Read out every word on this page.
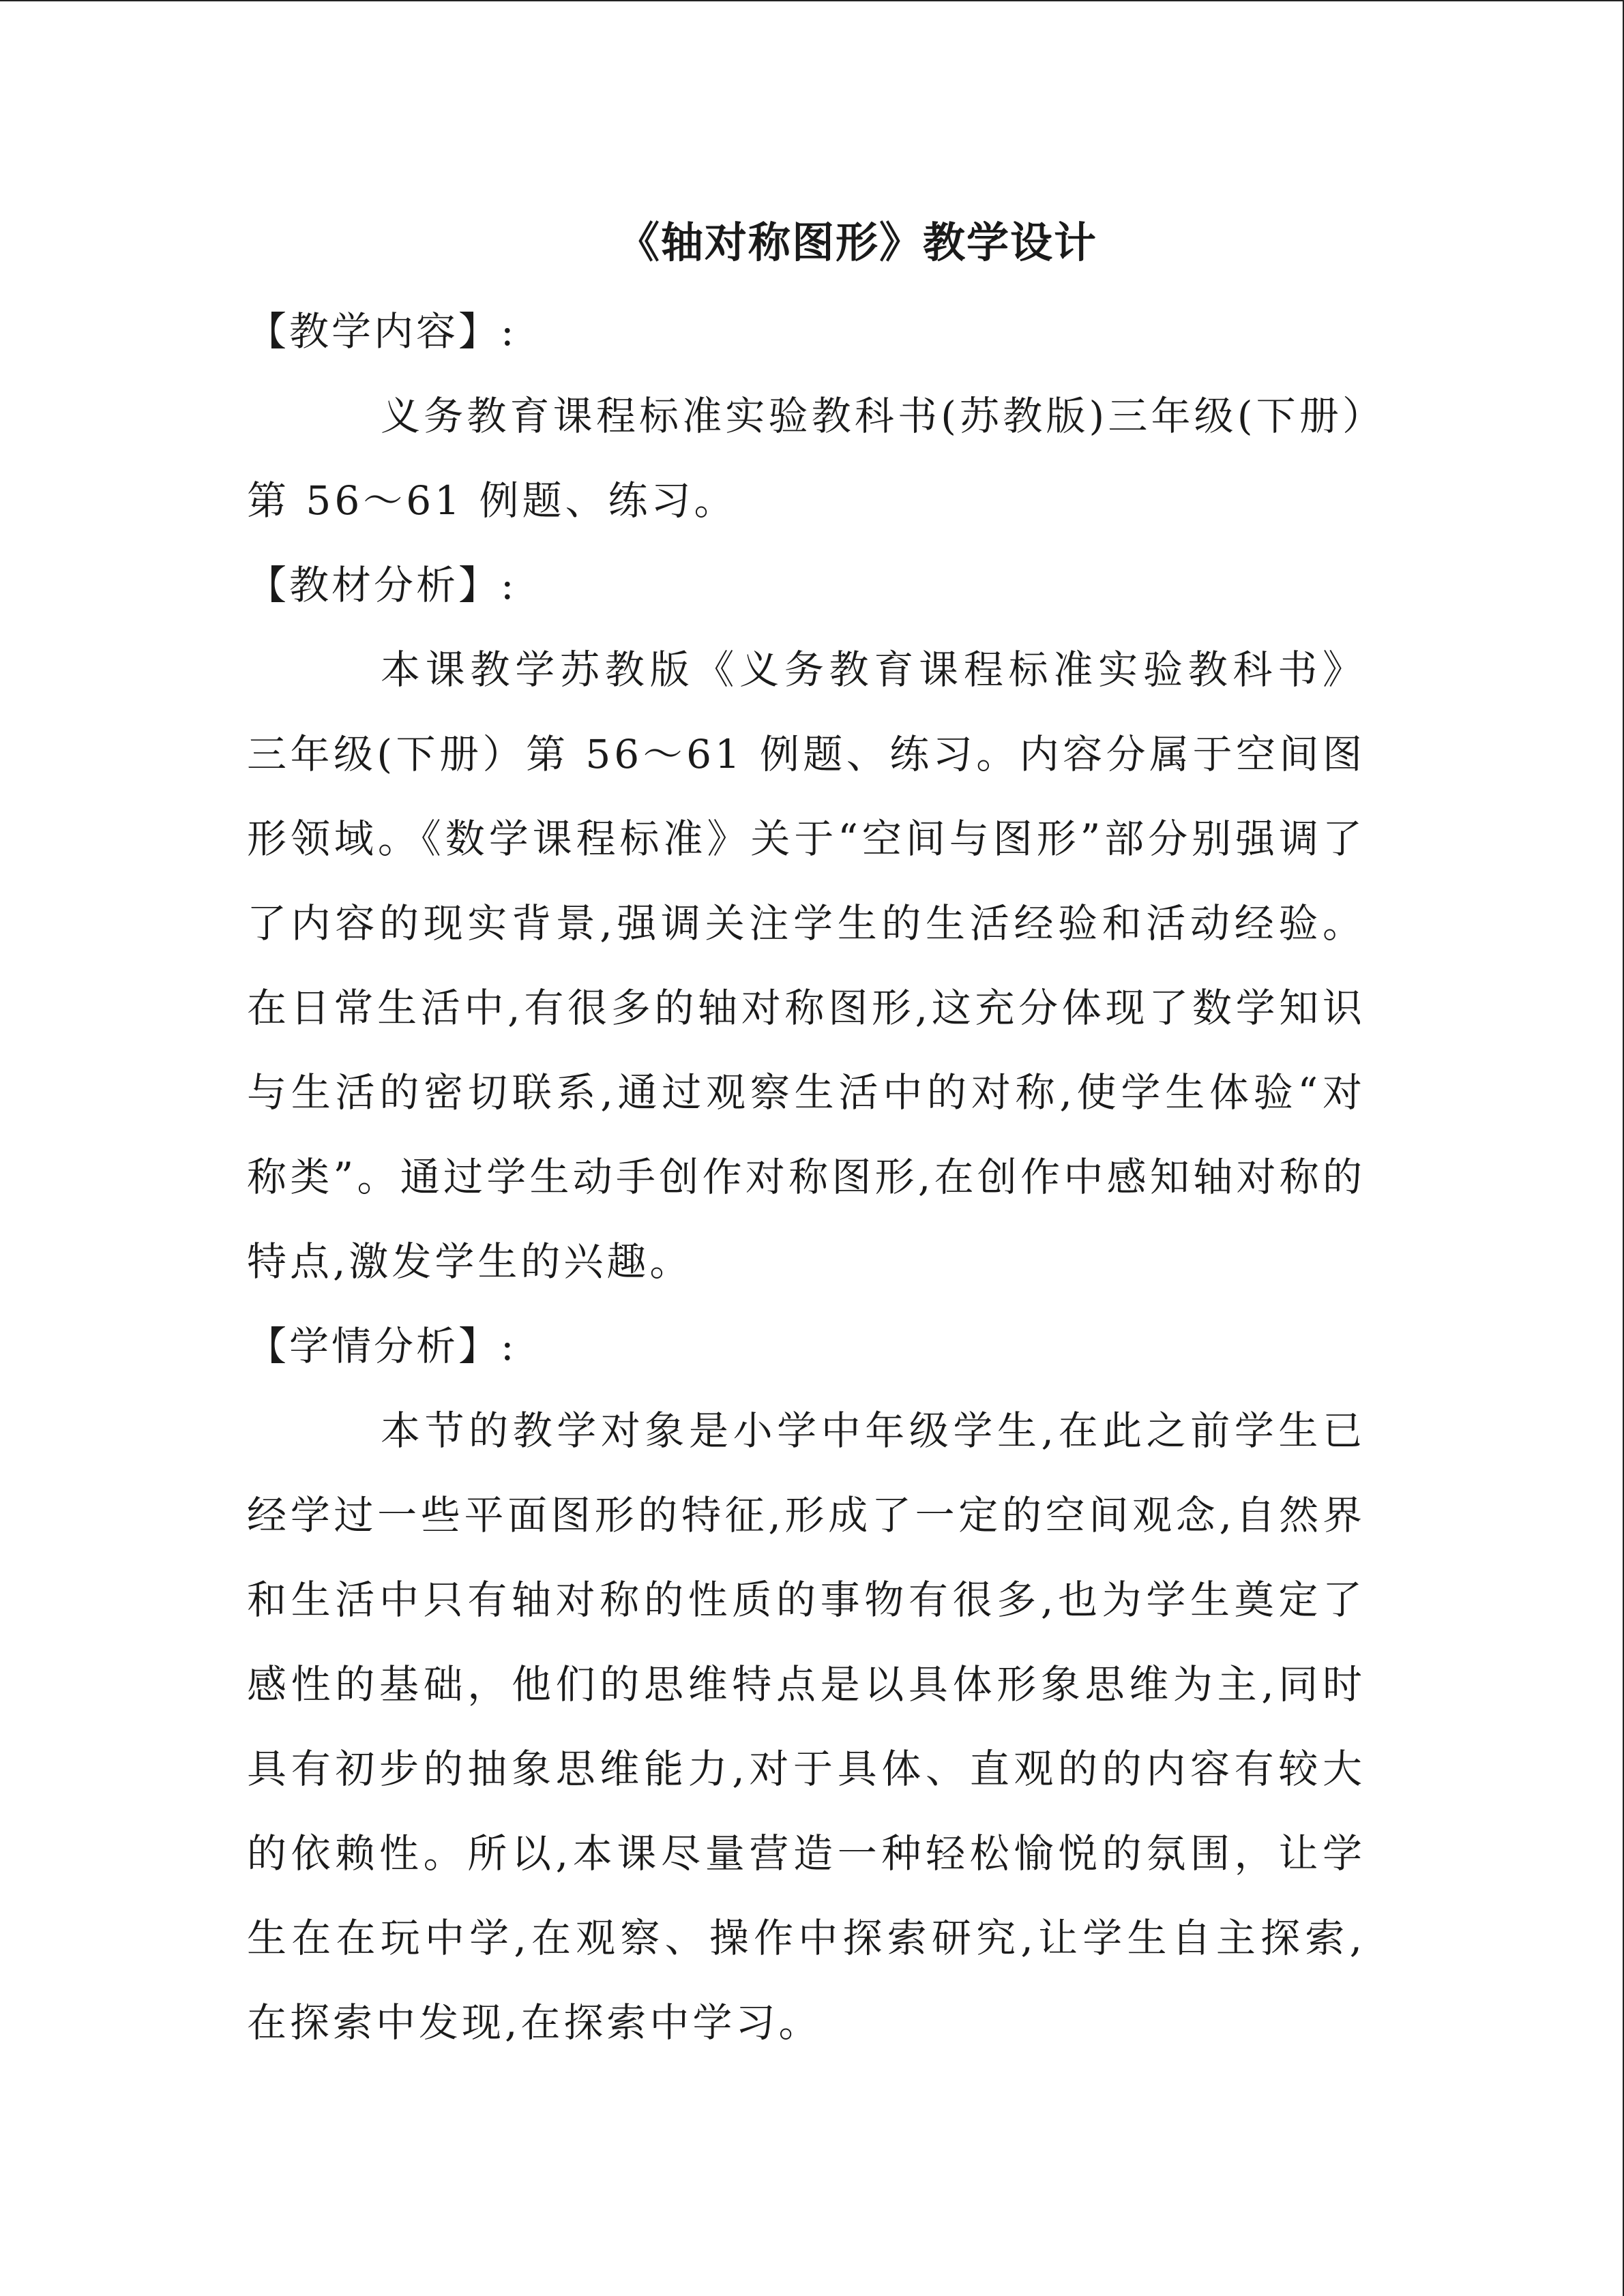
《轴对称图形》教学设计

【教学内容】:

义务教育课程标准实验教科书(苏教版)三年级(下册）第 56～61 例题、练习。

【教材分析】:

本课教学苏教版《义务教育课程标准实验教科书》三年级(下册）第 56～61 例题、练习。内容分属于空间图形领域。《数学课程标准》关于“空间与图形”部分别强调了了内容的现实背景,强调关注学生的生活经验和活动经验。在日常生活中,有很多的轴对称图形,这充分体现了数学知识与生活的密切联系,通过观察生活中的对称,使学生体验“对称类”。通过学生动手创作对称图形,在创作中感知轴对称的特点,激发学生的兴趣。

【学情分析】:

本节的教学对象是小学中年级学生,在此之前学生已经学过一些平面图形的特征,形成了一定的空间观念,自然界和生活中只有轴对称的性质的事物有很多,也为学生奠定了感性的基础，他们的思维特点是以具体形象思维为主,同时具有初步的抽象思维能力,对于具体、直观的的内容有较大的依赖性。所以,本课尽量营造一种轻松愉悦的氛围，让学生在在玩中学,在观察、操作中探索研究,让学生自主探索,在探索中发现,在探索中学习。
